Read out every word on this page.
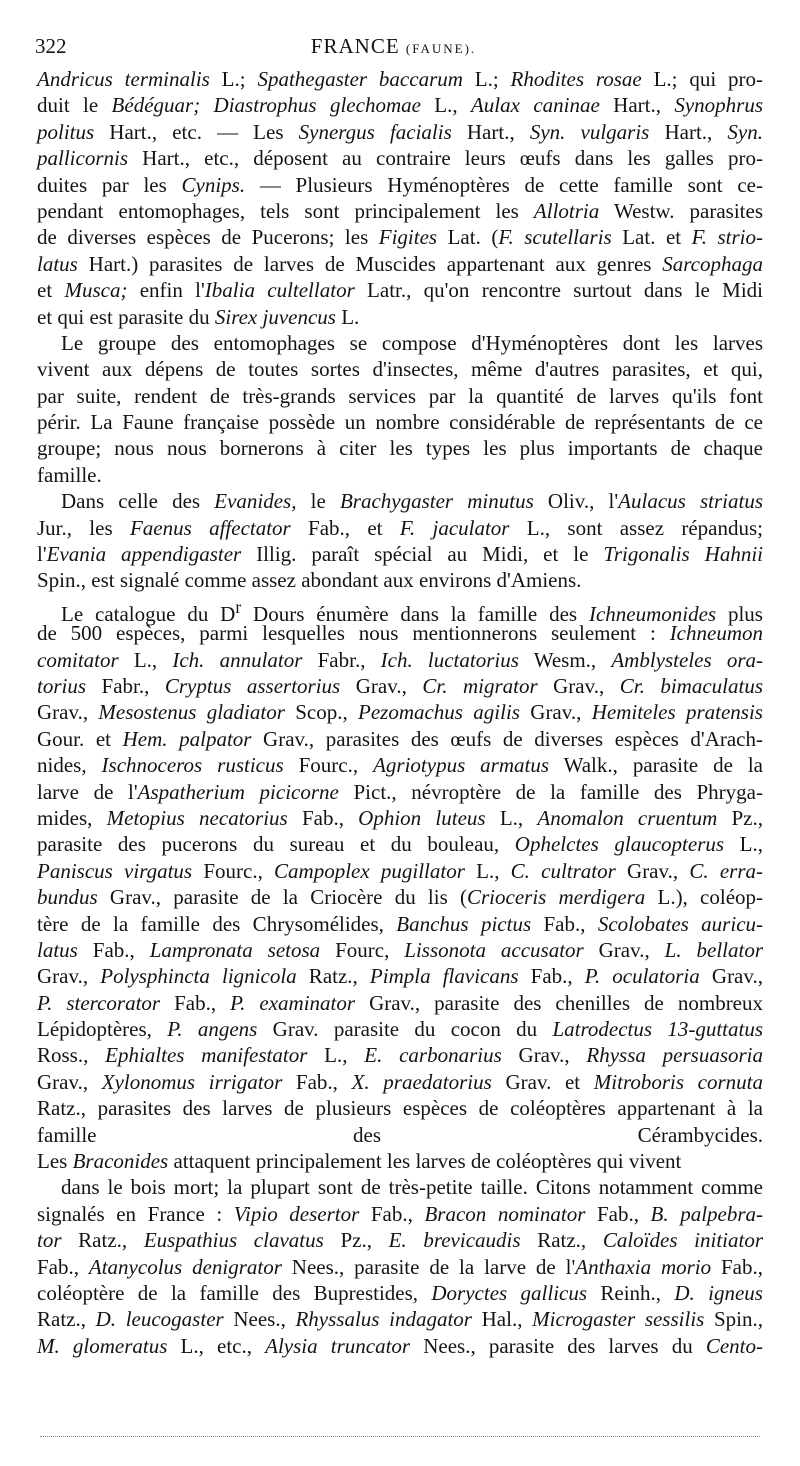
322	FRANCE (FAUNE).
Andricus terminalis L.; Spathegaster baccarum L.; Rhodites rosae L.; qui pro-
duit le Bédéguar; Diastrophus glechomae L., Aulax caninae Hart., Synophrus
politus Hart., etc. — Les Synergus facialis Hart., Syn. vulgaris Hart., Syn.
pallicornis Hart., etc., déposent au contraire leurs œufs dans les galles pro-
duites par les Cynips. — Plusieurs Hyménoptères de cette famille sont ce-
pendant entomophages, tels sont principalement les Allotria Westw. parasites
de diverses espèces de Pucerons; les Figites Lat. (F. scutellaris Lat. et F. strio-
latus Hart.) parasites de larves de Muscides appartenant aux genres Sarcophaga
et Musca; enfin l'Ibalia cultellator Latr., qu'on rencontre surtout dans le Midi
et qui est parasite du Sirex juvencus L.
Le groupe des entomophages se compose d'Hyménoptères dont les larves
vivent aux dépens de toutes sortes d'insectes, même d'autres parasites, et qui,
par suite, rendent de très-grands services par la quantité de larves qu'ils font
périr. La Faune française possède un nombre considérable de représentants de ce
groupe; nous nous bornerons à citer les types les plus importants de chaque
famille.
Dans celle des Evanides, le Brachygaster minutus Oliv., l'Aulacus striatus
Jur., les Faenus affectator Fab., et F. jaculator L., sont assez répandus;
l'Evania appendigaster Illig. paraît spécial au Midi, et le Trigonalis Hahnii
Spin., est signalé comme assez abondant aux environs d'Amiens.
Le catalogue du $D^r$ Dours énumère dans la famille des Ichneumonides plus
de 500 espèces, parmi lesquelles nous mentionnerons seulement : Ichneumon
comitator L., Ich. annulator Fabr., Ich. luctatorius Wesm., Amblysteles ora-
torius Fabr., Cryptus assertorius Grav., Cr. migrator Grav., Cr. bimaculatus
Grav., Mesostenus gladiator Scop., Pezomachus agilis Grav., Hemiteles pratensis
Gour. et Hem. palpator Grav., parasites des œufs de diverses espèces d'Arach-
nides, Ischnoceros rusticus Fourc., Agriotypus armatus Walk., parasite de la
larve de l'Aspatherium picicorne Pict., névroptère de la famille des Phryga-
mides, Metopius necatorius Fab., Ophion luteus L., Anomalon cruentum Pz.,
parasite des pucerons du sureau et du bouleau, Ophelctes glaucopterus L.,
Paniscus virgatus Fourc., Campoplex pugillator L., C. cultrator Grav., C. erra-
bundus Grav., parasite de la Criocère du lis (Crioceris merdigera L.), coléop-
tère de la famille des Chrysomélides, Banchus pictus Fab., Scolobates auricu-
latus Fab., Lampronata setosa Fourc, Lissonota accusator Grav., L. bellator
Grav., Polysphincta lignicola Ratz., Pimpla flavicans Fab., P. oculatoria Grav.,
P. stercorator Fab., P. examinator Grav., parasite des chenilles de nombreux
Lépidoptères, P. angens Grav. parasite du cocon du Latrodectus 13-guttatus
Ross., Ephialtes manifestator L., E. carbonarius Grav., Rhyssa persuasoria
Grav., Xylonomus irrigator Fab., X. praedatorius Grav. et Mitroboris cornuta
Ratz., parasites des larves de plusieurs espèces de coléoptères appartenant à la
famille des Cérambycides.
Les Braconides attaquent principalement les larves de coléoptères qui vivent
dans le bois mort; la plupart sont de très-petite taille. Citons notamment comme
signalés en France : Vipio desertor Fab., Bracon nominator Fab., B. palpebra-
tor Ratz., Euspathius clavatus Pz., E. brevicaudis Ratz., Caloïdes initiator
Fab., Atanycolus denigrator Nees., parasite de la larve de l'Anthaxia morio Fab.,
coléoptère de la famille des Buprestides, Doryctes gallicus Reinh., D. igneus
Ratz., D. leucogaster Nees., Rhyssalus indagator Hal., Microgaster sessilis Spin.,
M. glomeratus L., etc., Alysia truncator Nees., parasite des larves du Cento-
